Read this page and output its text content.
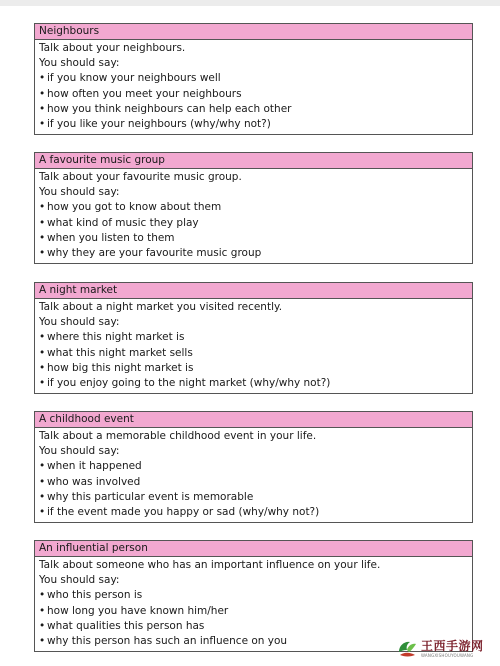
Neighbours
Talk about your neighbours.
You should say:
• if you know your neighbours well
• how often you meet your neighbours
• how you think neighbours can help each other
• if you like your neighbours (why/why not?)
A favourite music group
Talk about your favourite music group.
You should say:
• how you got to know about them
• what kind of music they play
• when you listen to them
• why they are your favourite music group
A night market
Talk about a night market you visited recently.
You should say:
• where this night market is
• what this night market sells
• how big this night market is
• if you enjoy going to the night market (why/why not?)
A childhood event
Talk about a memorable childhood event in your life.
You should say:
• when it happened
• who was involved
• why this particular event is memorable
• if the event made you happy or sad (why/why not?)
An influential person
Talk about someone who has an important influence on your life.
You should say:
• who this person is
• how long you have known him/her
• what qualities this person has
• why this person has such an influence on you	王西手游网
WANGXISHOUYOUWANG
